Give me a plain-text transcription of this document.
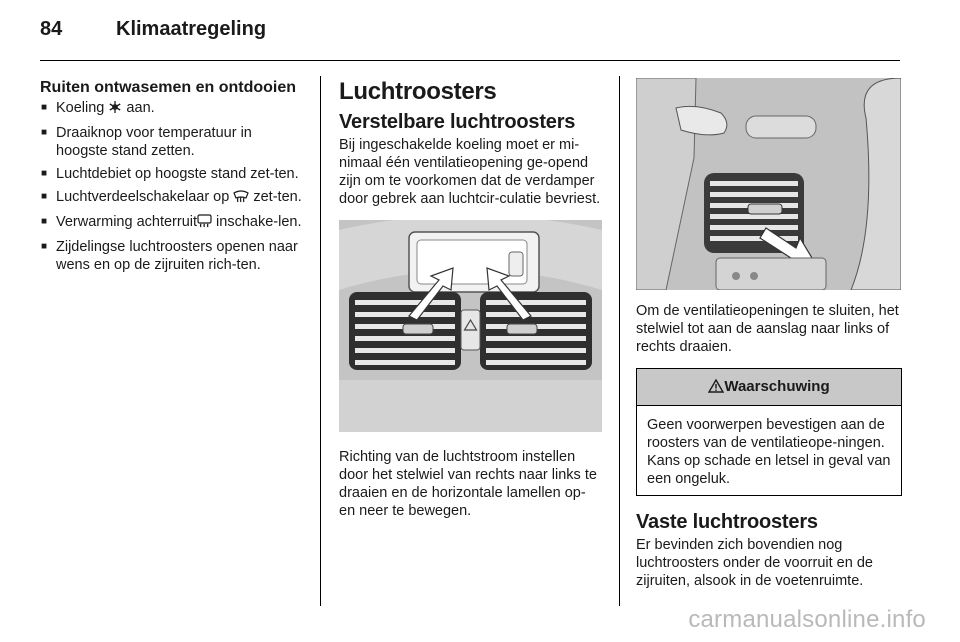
84	Klimaatregeling
Ruiten ontwasemen en ontdooien
■ Koeling  aan.
■ Draaiknop voor temperatuur in hoogste stand zetten.
■ Luchtdebiet op hoogste stand zet-ten.
■ Luchtverdeelschakelaar op  zet-ten.
■ Verwarming achterruit inschake-len.
■ Zijdelingse luchtroosters openen naar wens en op de zijruiten rich-ten.
Luchtroosters
Verstelbare luchtroosters

Bij ingeschakelde koeling moet er mi-nimaal één ventilatieopening ge-opend zijn om te voorkomen dat de verdamper door gebrek aan luchtcir-culatie bevriest.

Richting van de luchtstroom instellen door het stelwiel van rechts naar links te draaien en de horizontale lamellen op- en neer te bewegen.

Om de ventilatieopeningen te sluiten, het stelwiel tot aan de aanslag naar links of rechts draaien.

Waarschuwing
Geen voorwerpen bevestigen aan de roosters van de ventilatieope-ningen. Kans op schade en letsel in geval van een ongeluk.
Vaste luchtroosters

Er bevinden zich bovendien nog luchtroosters onder de voorruit en de zijruiten, alsook in de voetenruimte.

carmanualsonline.info
